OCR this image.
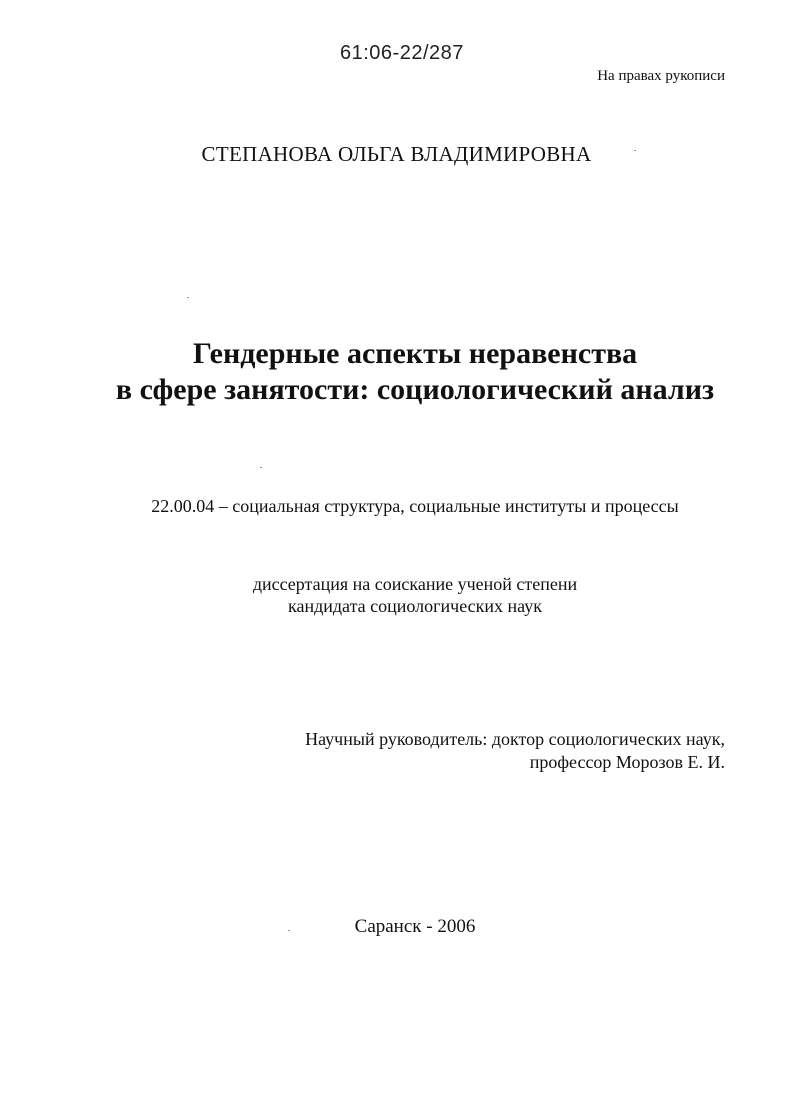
61:06-22/287
На правах рукописи
СТЕПАНОВА ОЛЬГА ВЛАДИМИРОВНА
Гендерные аспекты неравенства
в сфере занятости: социологический анализ
22.00.04 – социальная структура, социальные институты и процессы
диссертация на соискание ученой степени
кандидата социологических наук
Научный руководитель: доктор социологических наук,
профессор Морозов Е. И.
Саранск - 2006
